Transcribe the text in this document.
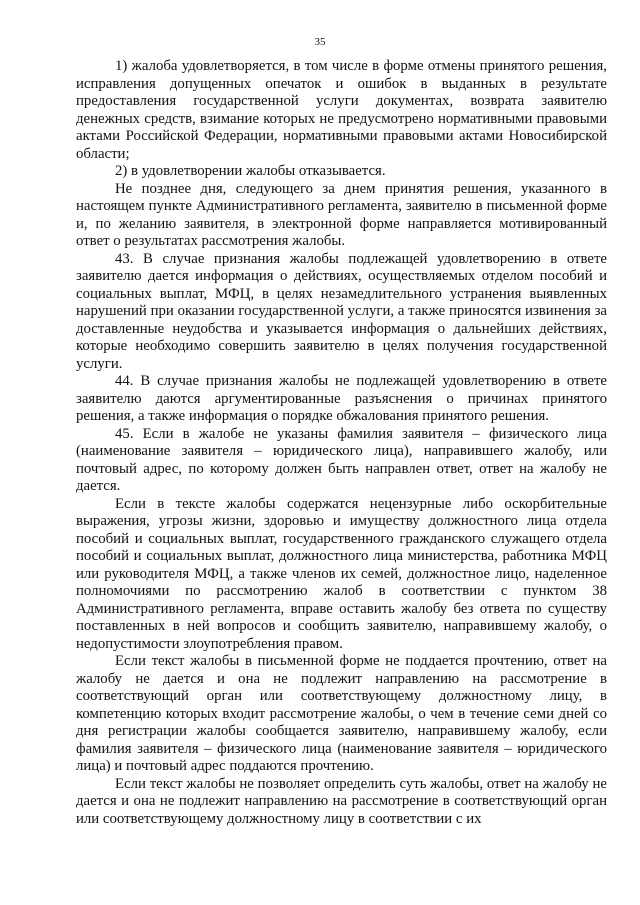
35

1) жалоба удовлетворяется, в том числе в форме отмены принятого решения, исправления допущенных опечаток и ошибок в выданных в результате предоставления государственной услуги документах, возврата заявителю денежных средств, взимание которых не предусмотрено нормативными правовыми актами Российской Федерации, нормативными правовыми актами Новосибирской области;

2) в удовлетворении жалобы отказывается.

Не позднее дня, следующего за днем принятия решения, указанного в настоящем пункте Административного регламента, заявителю в письменной форме и, по желанию заявителя, в электронной форме направляется мотивированный ответ о результатах рассмотрения жалобы.

43. В случае признания жалобы подлежащей удовлетворению в ответе заявителю дается информация о действиях, осуществляемых отделом пособий и социальных выплат, МФЦ, в целях незамедлительного устранения выявленных нарушений при оказании государственной услуги, а также приносятся извинения за доставленные неудобства и указывается информация о дальнейших действиях, которые необходимо совершить заявителю в целях получения государственной услуги.

44. В случае признания жалобы не подлежащей удовлетворению в ответе заявителю даются аргументированные разъяснения о причинах принятого решения, а также информация о порядке обжалования принятого решения.

45. Если в жалобе не указаны фамилия заявителя – физического лица (наименование заявителя – юридического лица), направившего жалобу, или почтовый адрес, по которому должен быть направлен ответ, ответ на жалобу не дается.

Если в тексте жалобы содержатся нецензурные либо оскорбительные выражения, угрозы жизни, здоровью и имуществу должностного лица отдела пособий и социальных выплат, государственного гражданского служащего отдела пособий и социальных выплат, должностного лица министерства, работника МФЦ или руководителя МФЦ, а также членов их семей, должностное лицо, наделенное полномочиями по рассмотрению жалоб в соответствии с пунктом 38 Административного регламента, вправе оставить жалобу без ответа по существу поставленных в ней вопросов и сообщить заявителю, направившему жалобу, о недопустимости злоупотребления правом.

Если текст жалобы в письменной форме не поддается прочтению, ответ на жалобу не дается и она не подлежит направлению на рассмотрение в соответствующий орган или соответствующему должностному лицу, в компетенцию которых входит рассмотрение жалобы, о чем в течение семи дней со дня регистрации жалобы сообщается заявителю, направившему жалобу, если фамилия заявителя – физического лица (наименование заявителя – юридического лица) и почтовый адрес поддаются прочтению.

Если текст жалобы не позволяет определить суть жалобы, ответ на жалобу не дается и она не подлежит направлению на рассмотрение в соответствующий орган или соответствующему должностному лицу в соответствии с их
